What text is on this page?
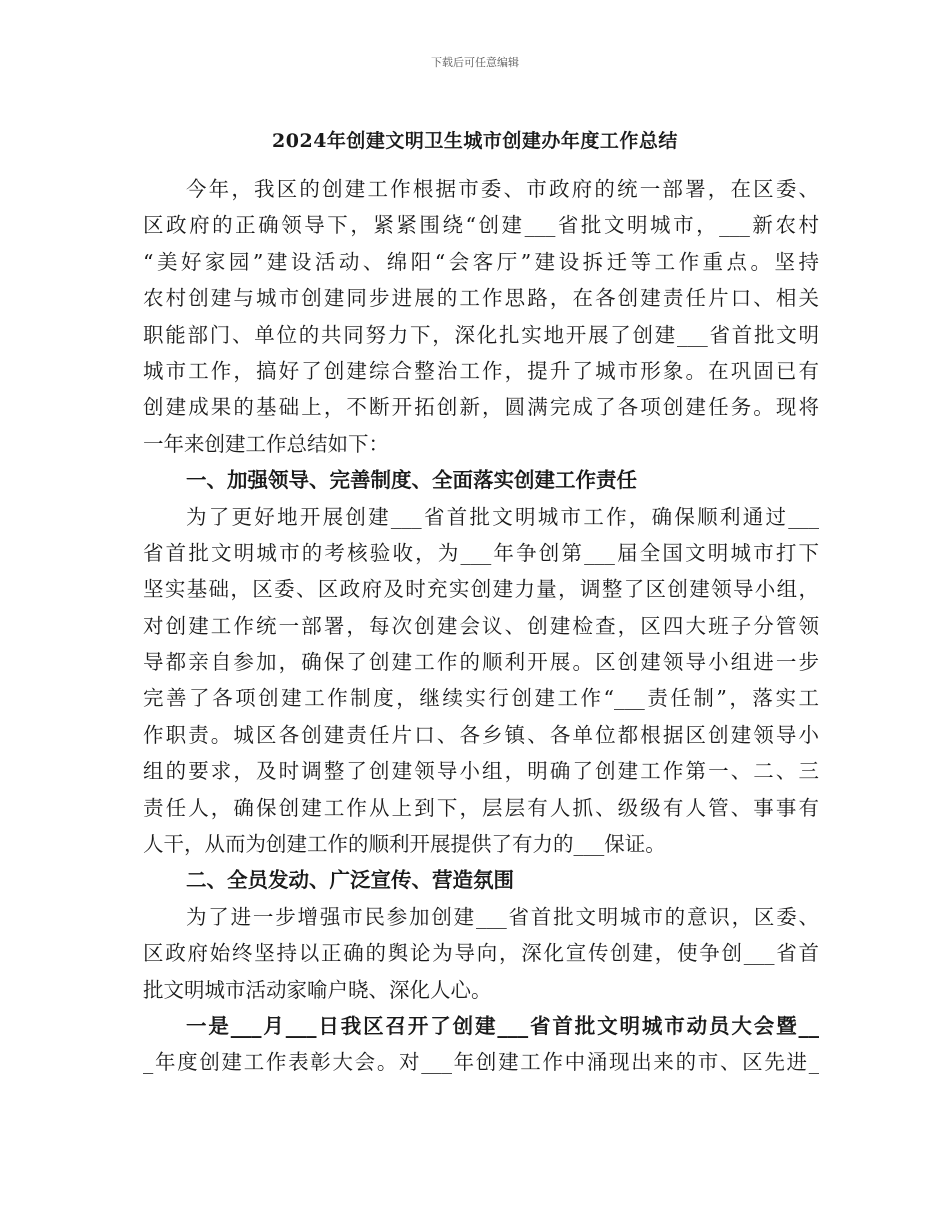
下载后可任意编辑
2024年创建文明卫生城市创建办年度工作总结
今年，我区的创建工作根据市委、市政府的统一部署，在区委、
区政府的正确领导下，紧紧围绕“创建___省批文明城市，___新农村
“美好家园”建设活动、绵阳“会客厅”建设拆迁等工作重点。坚持
农村创建与城市创建同步进展的工作思路，在各创建责任片口、相关
职能部门、单位的共同努力下，深化扎实地开展了创建___省首批文明
城市工作，搞好了创建综合整治工作，提升了城市形象。在巩固已有
创建成果的基础上，不断开拓创新，圆满完成了各项创建任务。现将
一年来创建工作总结如下：
一、加强领导、完善制度、全面落实创建工作责任
为了更好地开展创建___省首批文明城市工作，确保顺利通过___
省首批文明城市的考核验收，为___年争创第___届全国文明城市打下
坚实基础，区委、区政府及时充实创建力量，调整了区创建领导小组，
对创建工作统一部署，每次创建会议、创建检查，区四大班子分管领
导都亲自参加，确保了创建工作的顺利开展。区创建领导小组进一步
完善了各项创建工作制度，继续实行创建工作“___责任制”，落实工
作职责。城区各创建责任片口、各乡镇、各单位都根据区创建领导小
组的要求，及时调整了创建领导小组，明确了创建工作第一、二、三
责任人，确保创建工作从上到下，层层有人抓、级级有人管、事事有
人干，从而为创建工作的顺利开展提供了有力的___保证。
二、全员发动、广泛宣传、营造氛围
为了进一步增强市民参加创建___省首批文明城市的意识，区委、
区政府始终坚持以正确的舆论为导向，深化宣传创建，使争创___省首
批文明城市活动家喻户晓、深化人心。
一是___月___日我区召开了创建___省首批文明城市动员大会暨__
_年度创建工作表彰大会。对___年创建工作中涌现出来的市、区先进_
